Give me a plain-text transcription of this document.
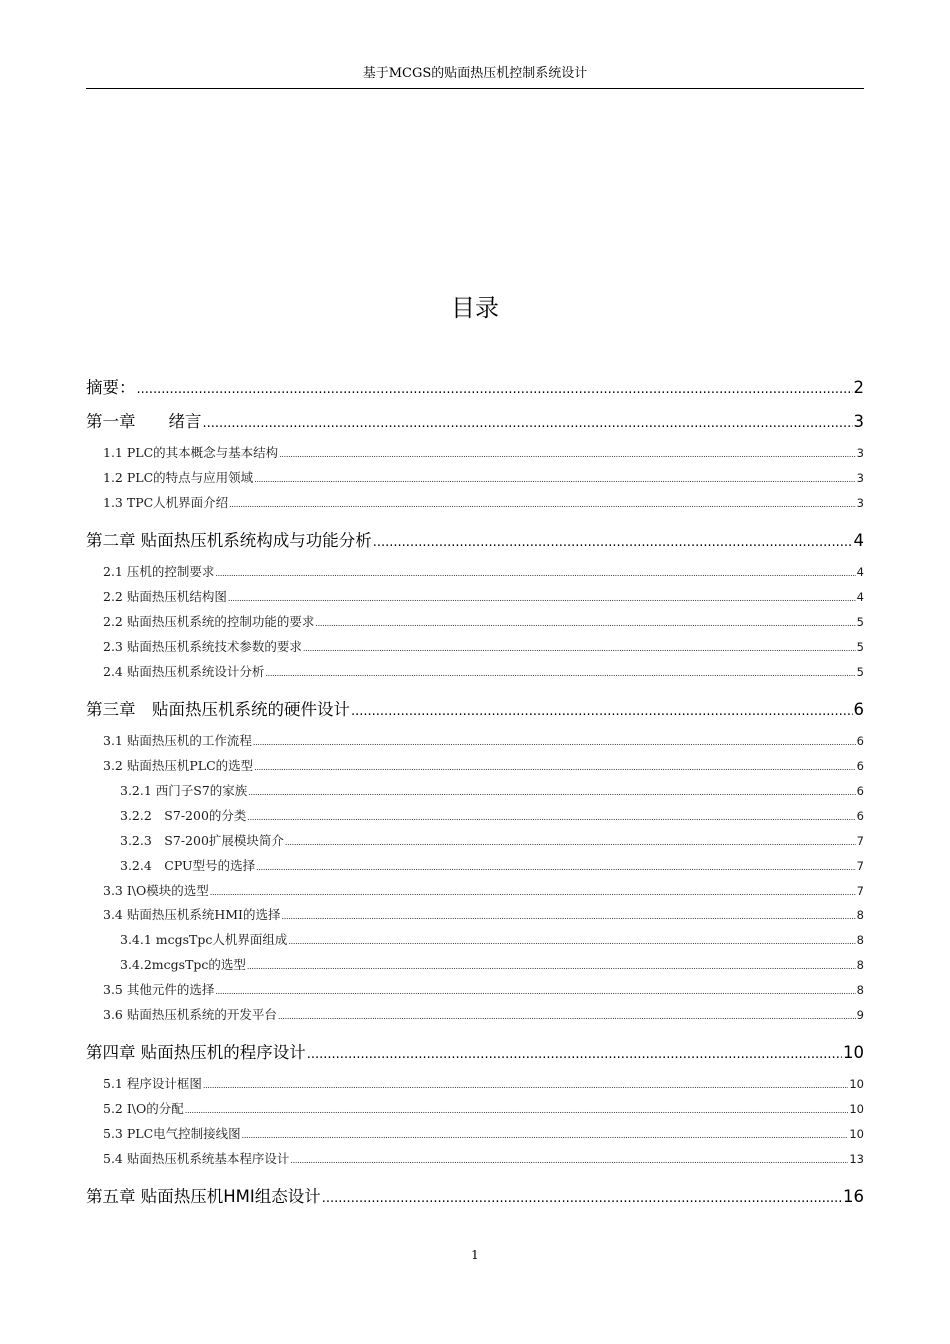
基于MCGS的贴面热压机控制系统设计
目录
摘要： .....	2
第一章　　绪言 .....	3
1.1 PLC的其本概念与基本结构 .....	3
1.2 PLC的特点与应用领域 .....	3
1.3 TPC人机界面介绍 .....	3
第二章 贴面热压机系统构成与功能分析 .....	4
2.1 压机的控制要求 .....	4
2.2 贴面热压机结构图 .....	4
2.2 贴面热压机系统的控制功能的要求 .....	5
2.3 贴面热压机系统技术参数的要求 .....	5
2.4 贴面热压机系统设计分析 .....	5
第三章　贴面热压机系统的硬件设计 .....	6
3.1 贴面热压机的工作流程 .....	6
3.2 贴面热压机PLC的选型 .....	6
3.2.1 西门子S7的家族 .....	6
3.2.2　S7-200的分类 .....	6
3.2.3　S7-200扩展模块简介 .....	7
3.2.4　CPU型号的选择 .....	7
3.3 I\O模块的选型 .....	7
3.4 贴面热压机系统HMI的选择 .....	8
3.4.1 mcgsTpc人机界面组成 .....	8
3.4.2mcgsTpc的选型 .....	8
3.5 其他元件的选择 .....	8
3.6 贴面热压机系统的开发平台 .....	9
第四章 贴面热压机的程序设计 .....	10
5.1 程序设计框图 .....	10
5.2 I\O的分配 .....	10
5.3 PLC电气控制接线图 .....	10
5.4 贴面热压机系统基本程序设计 .....	13
第五章 贴面热压机HMI组态设计 .....	16
1
